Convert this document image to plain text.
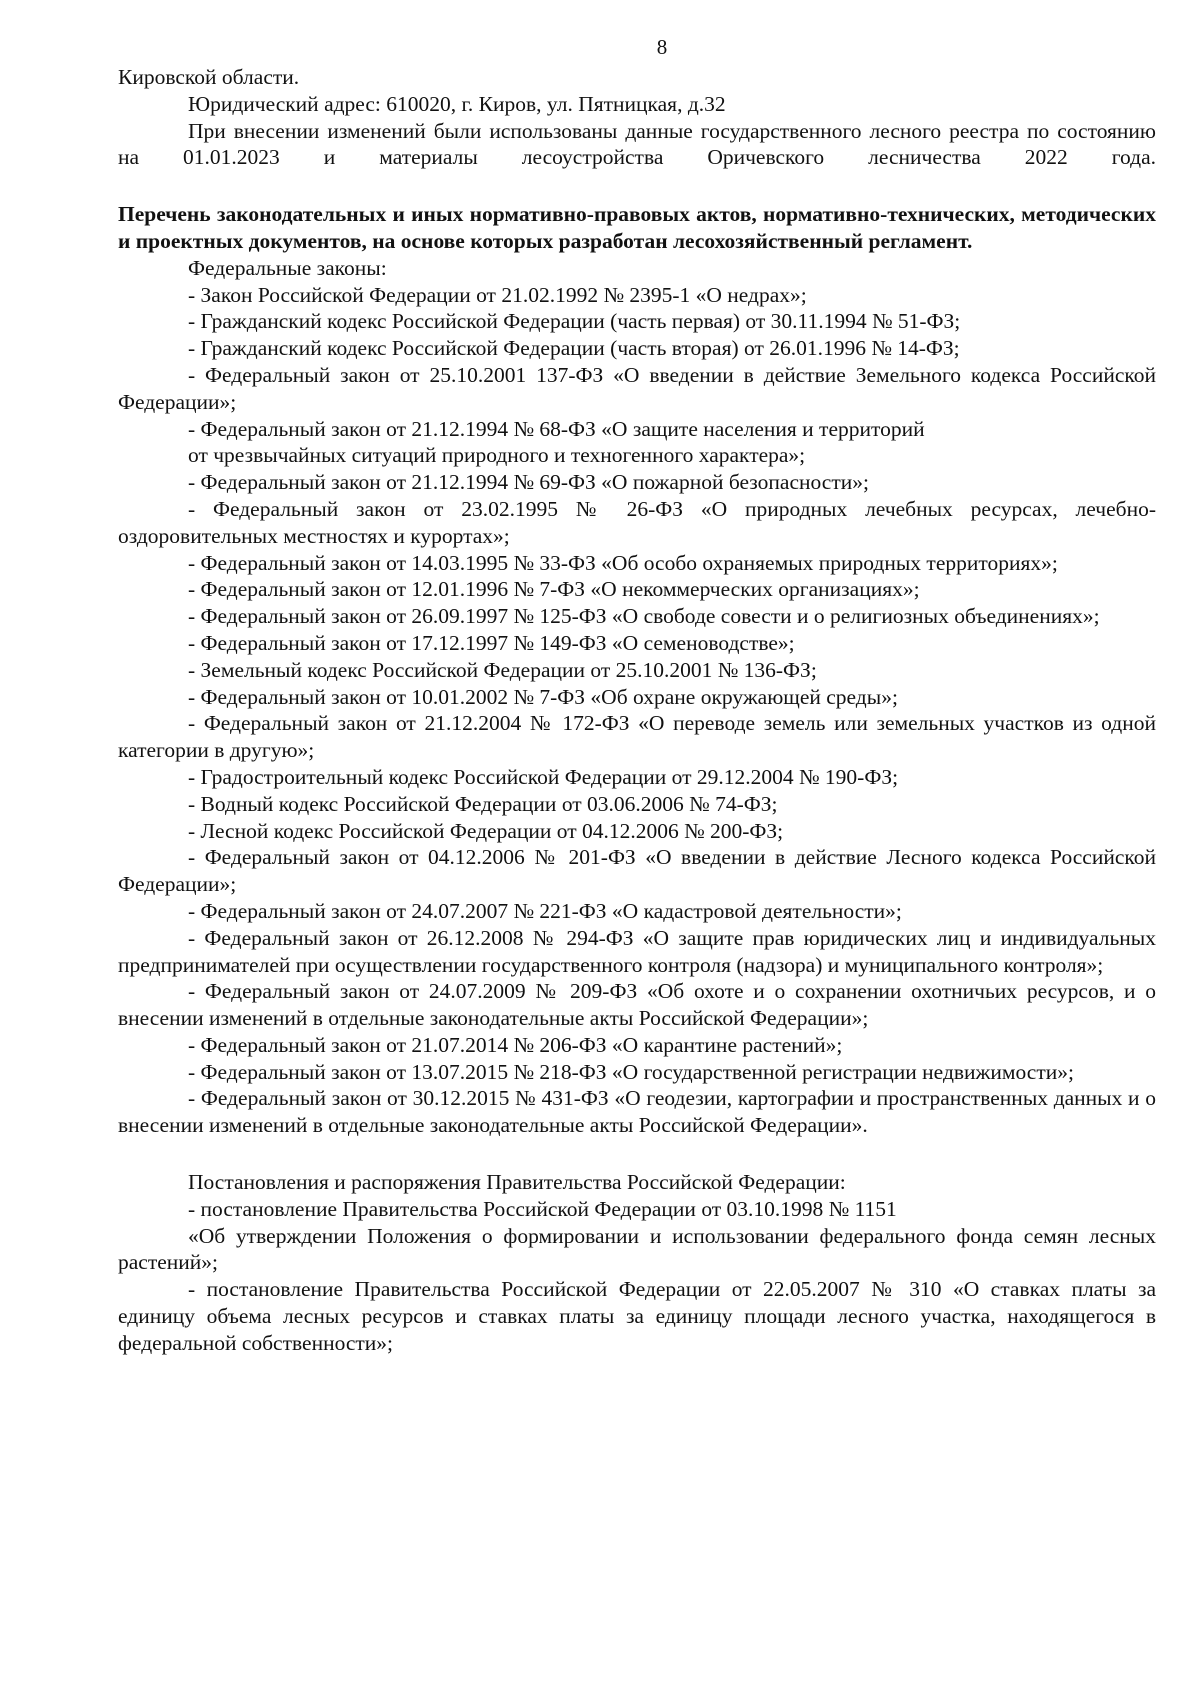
8
Кировской области.
Юридический адрес: 610020, г. Киров, ул. Пятницкая, д.32
При внесении изменений были использованы данные государственного лесного реестра по состоянию на 01.01.2023 и материалы лесоустройства Оричевского лесничества 2022 года.
Перечень законодательных и иных нормативно-правовых актов, нормативно-технических, методических и проектных документов, на основе которых разработан лесохозяйственный регламент.
Федеральные законы:
- Закон Российской Федерации от 21.02.1992 № 2395-1 «О недрах»;
- Гражданский кодекс Российской Федерации (часть первая) от 30.11.1994 № 51-ФЗ;
- Гражданский кодекс Российской Федерации (часть вторая) от 26.01.1996 № 14-ФЗ;
- Федеральный закон от 25.10.2001 137-ФЗ «О введении в действие Земельного кодекса Российской Федерации»;
- Федеральный закон от 21.12.1994 № 68-ФЗ «О защите населения и территорий
от чрезвычайных ситуаций природного и техногенного характера»;
- Федеральный закон от 21.12.1994 № 69-ФЗ «О пожарной безопасности»;
- Федеральный закон от 23.02.1995 № 26-ФЗ «О природных лечебных ресурсах, лечебно-оздоровительных местностях и курортах»;
- Федеральный закон от 14.03.1995 № 33-ФЗ «Об особо охраняемых природных территориях»;
- Федеральный закон от 12.01.1996 № 7-ФЗ «О некоммерческих организациях»;
- Федеральный закон от 26.09.1997 № 125-ФЗ «О свободе совести и о религиозных объединениях»;
- Федеральный закон от 17.12.1997 № 149-ФЗ «О семеноводстве»;
- Земельный кодекс Российской Федерации от 25.10.2001 № 136-ФЗ;
- Федеральный закон от 10.01.2002 № 7-ФЗ «Об охране окружающей среды»;
- Федеральный закон от 21.12.2004 № 172-ФЗ «О переводе земель или земельных участков из одной категории в другую»;
- Градостроительный кодекс Российской Федерации от 29.12.2004 № 190-ФЗ;
- Водный кодекс Российской Федерации от 03.06.2006 № 74-ФЗ;
- Лесной кодекс Российской Федерации от 04.12.2006 № 200-ФЗ;
- Федеральный закон от 04.12.2006 № 201-ФЗ «О введении в действие Лесного кодекса Российской Федерации»;
- Федеральный закон от 24.07.2007 № 221-ФЗ «О кадастровой деятельности»;
- Федеральный закон от 26.12.2008 № 294-ФЗ «О защите прав юридических лиц и индивидуальных предпринимателей при осуществлении государственного контроля (надзора) и муниципального контроля»;
- Федеральный закон от 24.07.2009 № 209-ФЗ «Об охоте и о сохранении охотничьих ресурсов, и о внесении изменений в отдельные законодательные акты Российской Федерации»;
- Федеральный закон от 21.07.2014 № 206-ФЗ «О карантине растений»;
- Федеральный закон от 13.07.2015 № 218-ФЗ «О государственной регистрации недвижимости»;
- Федеральный закон от 30.12.2015 № 431-ФЗ «О геодезии, картографии и пространственных данных и о внесении изменений в отдельные законодательные акты Российской Федерации».
Постановления и распоряжения Правительства Российской Федерации:
- постановление Правительства Российской Федерации от 03.10.1998 № 1151
«Об утверждении Положения о формировании и использовании федерального фонда семян лесных растений»;
- постановление Правительства Российской Федерации от 22.05.2007 № 310 «О ставках платы за единицу объема лесных ресурсов и ставках платы за единицу площади лесного участка, находящегося в федеральной собственности»;
